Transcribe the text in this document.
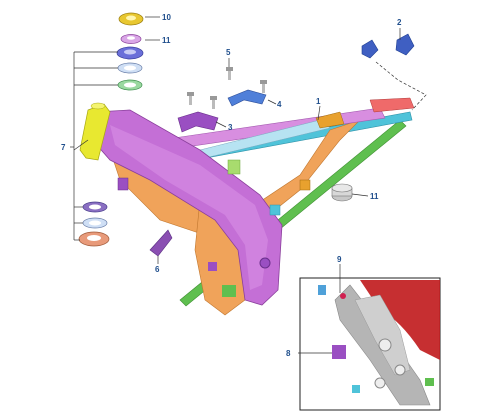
10
11
2
5
4
3
1
7
11
6
9
8
